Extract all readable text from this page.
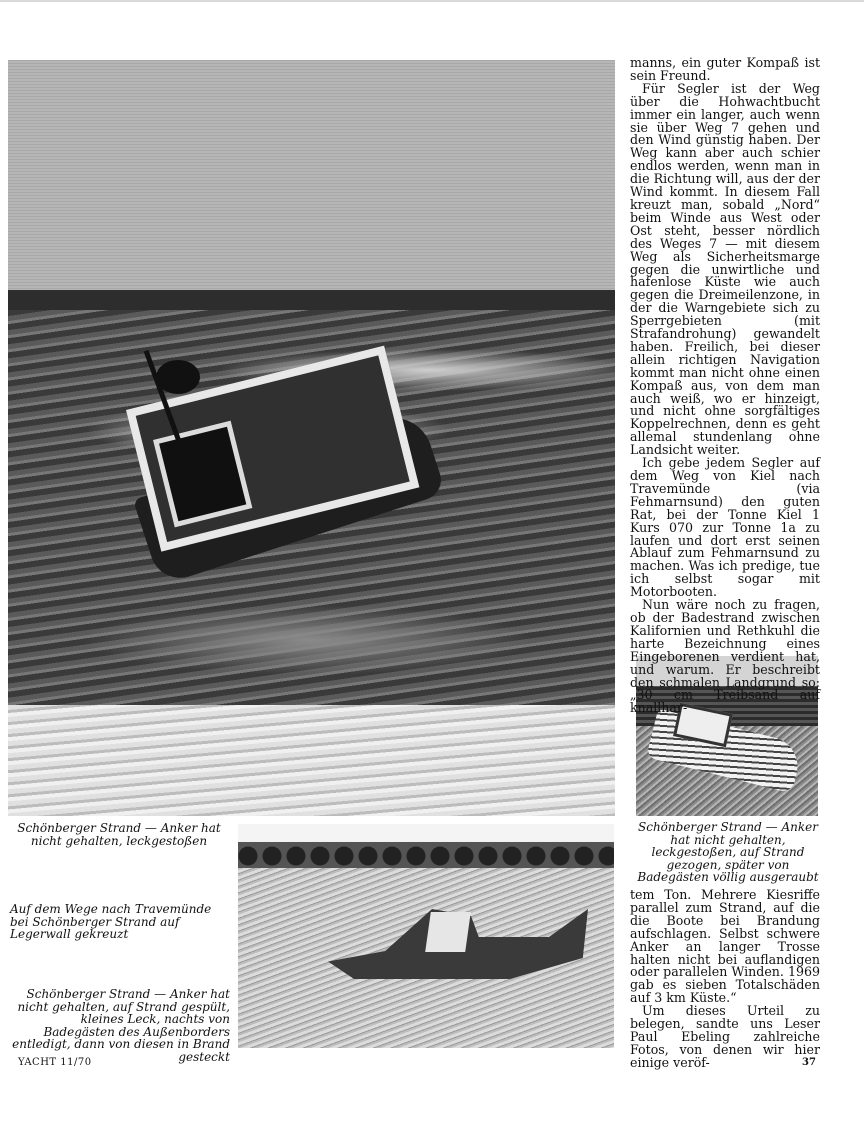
manns, ein guter Kompaß ist sein Freund.

Für Segler ist der Weg über die Hohwachtbucht immer ein langer, auch wenn sie über Weg 7 gehen und den Wind günstig haben. Der Weg kann aber auch schier endlos werden, wenn man in die Richtung will, aus der der Wind kommt. In diesem Fall kreuzt man, sobald „Nord“ beim Winde aus West oder Ost steht, besser nördlich des Weges 7 — mit diesem Weg als Sicherheitsmarge gegen die unwirtliche und hafenlose Küste wie auch gegen die Dreimeilenzone, in der die Warngebiete sich zu Sperrgebieten (mit Strafandrohung) gewandelt haben. Freilich, bei dieser allein richtigen Navigation kommt man nicht ohne einen Kompaß aus, von dem man auch weiß, wo er hinzeigt, und nicht ohne sorgfältiges Koppelrechnen, denn es geht allemal stundenlang ohne Landsicht weiter.

Ich gebe jedem Segler auf dem Weg von Kiel nach Travemünde (via Fehmarnsund) den guten Rat, bei der Tonne Kiel 1 Kurs 070 zur Tonne 1a zu laufen und dort erst seinen Ablauf zum Fehmarnsund zu machen. Was ich predige, tue ich selbst sogar mit Motorbooten.

Nun wäre noch zu fragen, ob der Badestrand zwischen Kalifornien und Rethkuhl die harte Bezeichnung eines Eingeborenen verdient hat, und warum. Er beschreibt den schmalen Landgrund so: „30 cm Treibsand auf knallhar-

tem Ton. Mehrere Kiesriffe parallel zum Strand, auf die die Boote bei Brandung aufschlagen. Selbst schwere Anker an langer Trosse halten nicht bei auflandigen oder parallelen Winden. 1969 gab es sieben Totalschäden auf 3 km Küste.“

Um dieses Urteil zu belegen, sandte uns Leser Paul Ebeling zahlreiche Fotos, von denen wir hier einige veröf-

Schönberger Strand — Anker hat nicht gehalten, leckgestoßen

Schönberger Strand — Anker hat nicht gehalten, leckgestoßen, auf Strand gezogen, später von Badegästen völlig ausgeraubt

Auf dem Wege nach Travemünde bei Schönberger Strand auf Legerwall gekreuzt

Schönberger Strand — Anker hat nicht gehalten, auf Strand gespült, kleines Leck, nachts von Badegästen des Außenborders entledigt, dann von diesen in Brand gesteckt

YACHT 11/70	37
